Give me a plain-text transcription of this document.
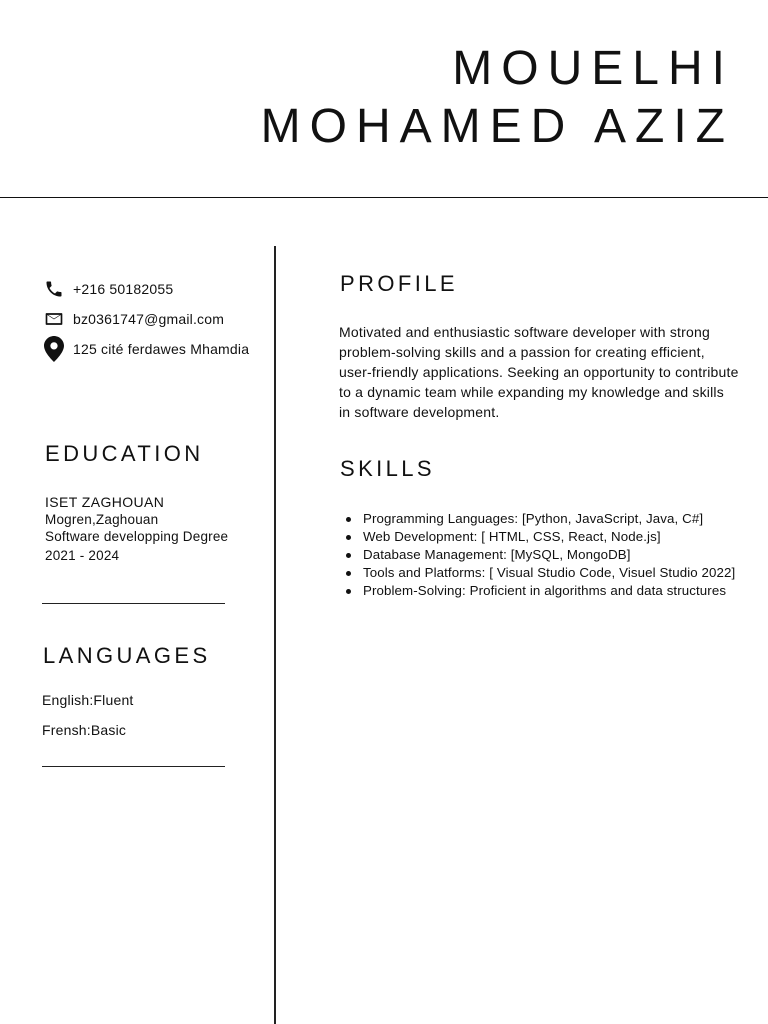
MOUELHI
MOHAMED AZIZ
+216 50182055
bz0361747@gmail.com
125 cité ferdawes Mhamdia
EDUCATION
ISET ZAGHOUAN
Mogren,Zaghouan
Software developping Degree
2021 - 2024
LANGUAGES
English:Fluent
Frensh:Basic
PROFILE

Motivated and enthusiastic software developer with strong problem-solving skills and a passion for creating efficient, user-friendly applications. Seeking an opportunity to contribute to a dynamic team while expanding my knowledge and skills in software development.

SKILLS
Programming Languages: [Python, JavaScript, Java, C#]
Web Development: [ HTML, CSS, React, Node.js]
Database Management: [MySQL, MongoDB]
Tools and Platforms: [ Visual Studio Code, Visuel Studio 2022]
Problem-Solving: Proficient in algorithms and data structures
